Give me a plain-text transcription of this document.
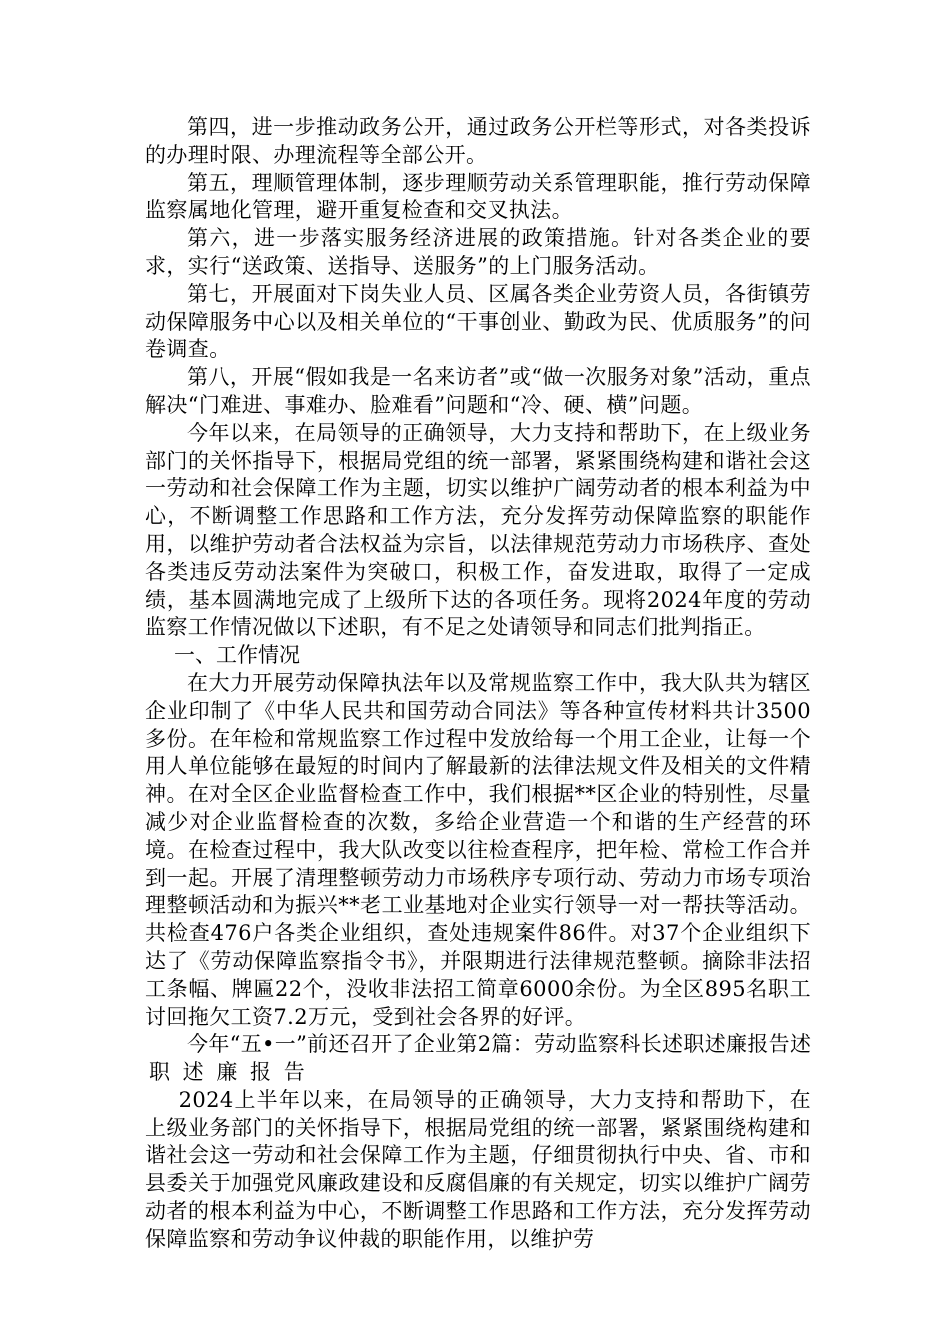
第四，进一步推动政务公开，通过政务公开栏等形式，对各类投诉的办理时限、办理流程等全部公开。

第五，理顺管理体制，逐步理顺劳动关系管理职能，推行劳动保障监察属地化管理，避开重复检查和交叉执法。

第六，进一步落实服务经济进展的政策措施。针对各类企业的要求，实行“送政策、送指导、送服务”的上门服务活动。

第七，开展面对下岗失业人员、区属各类企业劳资人员，各街镇劳动保障服务中心以及相关单位的“干事创业、勤政为民、优质服务”的问卷调查。

第八，开展“假如我是一名来访者”或“做一次服务对象”活动，重点解决“门难进、事难办、脸难看”问题和“冷、硬、横”问题。

今年以来，在局领导的正确领导，大力支持和帮助下，在上级业务部门的关怀指导下，根据局党组的统一部署，紧紧围绕构建和谐社会这一劳动和社会保障工作为主题，切实以维护广阔劳动者的根本利益为中心，不断调整工作思路和工作方法，充分发挥劳动保障监察的职能作用，以维护劳动者合法权益为宗旨，以法律规范劳动力市场秩序、查处各类违反劳动法案件为突破口，积极工作，奋发进取，取得了一定成绩，基本圆满地完成了上级所下达的各项任务。现将2024年度的劳动监察工作情况做以下述职，有不足之处请领导和同志们批判指正。

一、工作情况

在大力开展劳动保障执法年以及常规监察工作中，我大队共为辖区企业印制了《中华人民共和国劳动合同法》等各种宣传材料共计3500多份。在年检和常规监察工作过程中发放给每一个用工企业，让每一个用人单位能够在最短的时间内了解最新的法律法规文件及相关的文件精神。在对全区企业监督检查工作中，我们根据**区企业的特别性，尽量减少对企业监督检查的次数，多给企业营造一个和谐的生产经营的环境。在检查过程中，我大队改变以往检查程序，把年检、常检工作合并到一起。开展了清理整顿劳动力市场秩序专项行动、劳动力市场专项治理整顿活动和为振兴**老工业基地对企业实行领导一对一帮扶等活动。共检查476户各类企业组织，查处违规案件86件。对37个企业组织下达了《劳动保障监察指令书》，并限期进行法律规范整顿。摘除非法招工条幅、牌匾22个，没收非法招工简章6000余份。为全区895名职工讨回拖欠工资7.2万元，受到社会各界的好评。

今年“五•一”前还召开了企业第2篇：劳动监察科长述职述廉报告述职 述 廉 报 告

2024上半年以来，在局领导的正确领导，大力支持和帮助下，在上级业务部门的关怀指导下，根据局党组的统一部署，紧紧围绕构建和谐社会这一劳动和社会保障工作为主题，仔细贯彻执行中央、省、市和县委关于加强党风廉政建设和反腐倡廉的有关规定，切实以维护广阔劳动者的根本利益为中心，不断调整工作思路和工作方法，充分发挥劳动保障监察和劳动争议仲裁的职能作用，以维护劳
